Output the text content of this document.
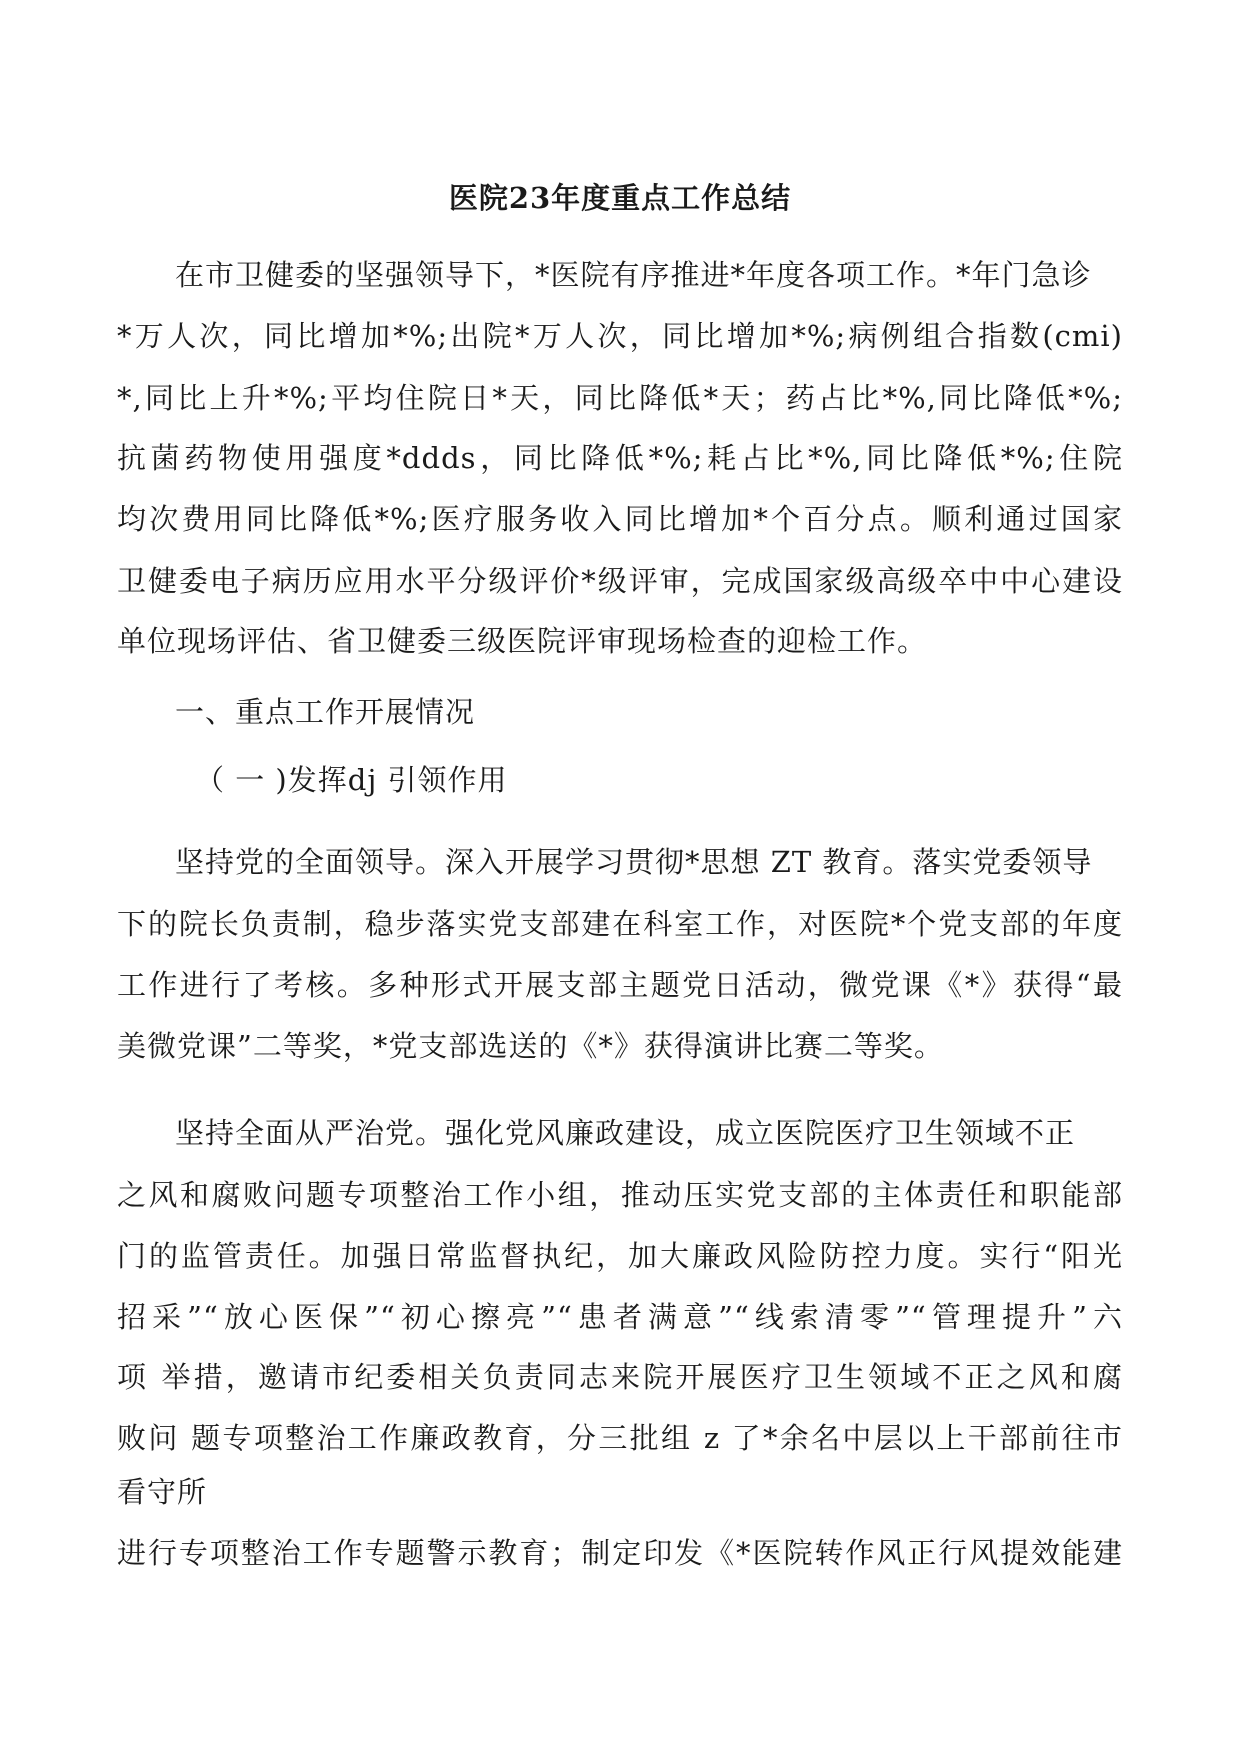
医院23年度重点工作总结
在市卫健委的坚强领导下，*医院有序推进*年度各项工作。*年门急诊
*万人次，同比增加*%;出院*万人次，同比增加*%;病例组合指数(cmi)
*,同比上升*%;平均住院日*天，同比降低*天；药占比*%,同比降低*%;
抗菌药物使用强度*ddds，同比降低*%;耗占比*%,同比降低*%;住院
均次费用同比降低*%;医疗服务收入同比增加*个百分点。顺利通过国家
卫健委电子病历应用水平分级评价*级评审，完成国家级高级卒中中心建设
单位现场评估、省卫健委三级医院评审现场检查的迎检工作。
一、重点工作开展情况
（ 一 )发挥dj 引领作用
坚持党的全面领导。深入开展学习贯彻*思想 ZT 教育。落实党委领导
下的院长负责制，稳步落实党支部建在科室工作，对医院*个党支部的年度
工作进行了考核。多种形式开展支部主题党日活动，微党课《*》获得“最
美微党课”二等奖，*党支部选送的《*》获得演讲比赛二等奖。
坚持全面从严治党。强化党风廉政建设，成立医院医疗卫生领域不正
之风和腐败问题专项整治工作小组，推动压实党支部的主体责任和职能部
门的监管责任。加强日常监督执纪，加大廉政风险防控力度。实行“阳光
招采”“放心医保”“初心擦亮”“患者满意”“线索清零”“管理提升”六
项 举措，邀请市纪委相关负责同志来院开展医疗卫生领域不正之风和腐
败问 题专项整治工作廉政教育，分三批组 z 了*余名中层以上干部前往市
看守所
进行专项整治工作专题警示教育；制定印发《*医院转作风正行风提效能建
